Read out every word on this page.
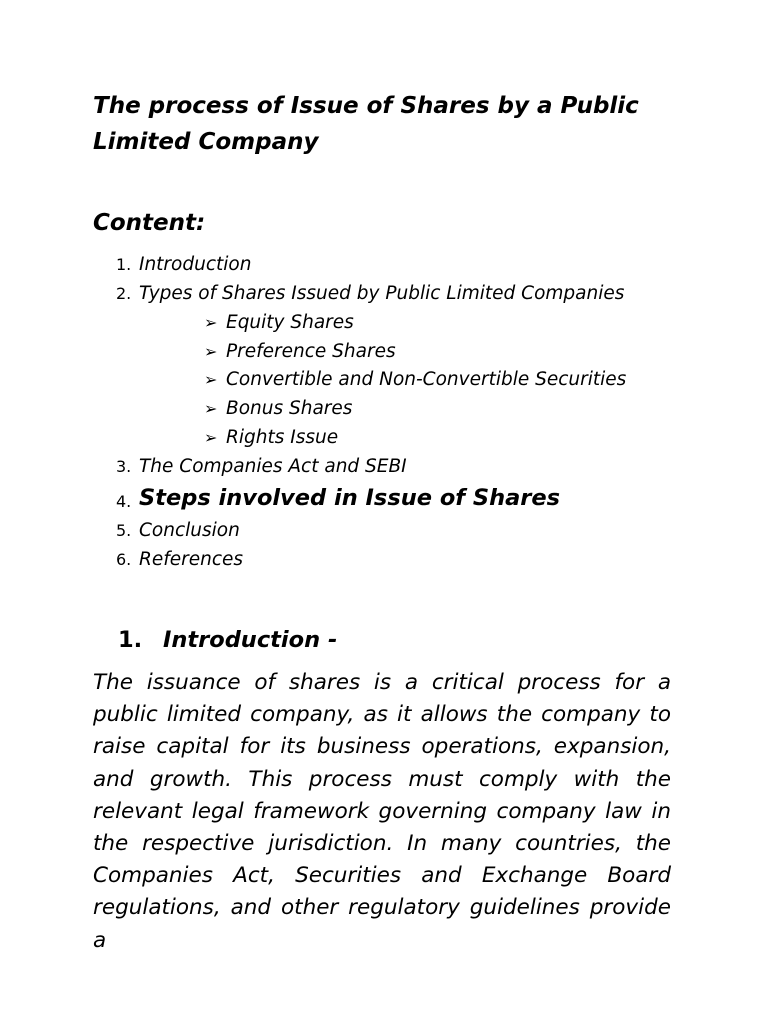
The process of Issue of Shares by a Public Limited Company
Content:
1. Introduction
2. Types of Shares Issued by Public Limited Companies
➢ Equity Shares
➢ Preference Shares
➢ Convertible and Non-Convertible Securities
➢ Bonus Shares
➢ Rights Issue
3. The Companies Act and SEBI
4. Steps involved in Issue of Shares
5. Conclusion
6. References
1. Introduction -

The issuance of shares is a critical process for a public limited company, as it allows the company to raise capital for its business operations, expansion, and growth. This process must comply with the relevant legal framework governing company law in the respective jurisdiction. In many countries, the Companies Act, Securities and Exchange Board regulations, and other regulatory guidelines provide a
